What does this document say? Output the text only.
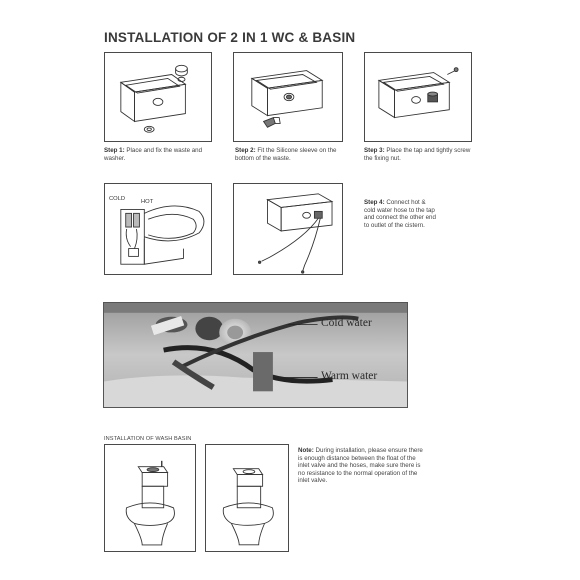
INSTALLATION OF 2 IN 1 WC & BASIN
Step 1: Place and fix the waste and washer.
Step 2: Fit the Silicone sleeve on the bottom of the waste.
Step 3: Place the tap and tightly screw the fixing nut.
COLD	HOT	Step 4: Connect hot & cold water hose to the tap and connect the other end to outlet of the cistern.
Cold water
Warm water
INSTALLATION OF WASH BASIN
Note: During installation, please ensure there is enough distance between the float of the inlet valve and the hoses, make sure there is no resistance to the normal operation of the inlet valve.
